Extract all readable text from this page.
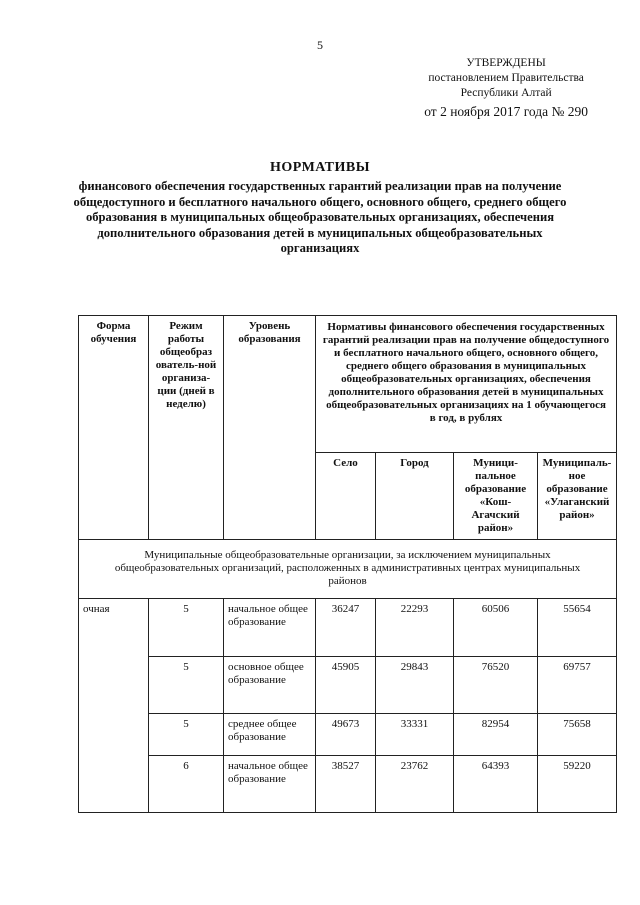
5
УТВЕРЖДЕНЫ
постановлением Правительства
Республики Алтай
от 2 ноября 2017 года № 290
НОРМАТИВЫ
финансового обеспечения государственных гарантий реализации прав на получение общедоступного и бесплатного начального общего, основного общего, среднего общего образования в муниципальных общеобразовательных организациях, обеспечения дополнительного образования детей в муниципальных общеобразовательных организациях
Форма обучения	Режим работы общеобраз ователь-ной организа-ции (дней в неделю)	Уровень образования	Нормативы финансового обеспечения государственных гарантий реализации прав на получение общедоступного и бесплатного начального общего, основного общего, среднего общего образования в муниципальных общеобразовательных организациях, обеспечения дополнительного образования детей в муниципальных общеобразовательных организациях на 1 обучающегося в год, в рублях			
			Село	Город	Муници-пальное образование «Кош-Агачский район»	Муниципаль-ное образование «Улаганский район»
Муниципальные общеобразовательные организации, за исключением муниципальных общеобразовательных организаций, расположенных в административных центрах муниципальных районов						
очная	5	начальное общее образование	36247	22293	60506	55654
	5	основное общее образование	45905	29843	76520	69757
	5	среднее общее образование	49673	33331	82954	75658
	6	начальное общее образование	38527	23762	64393	59220
